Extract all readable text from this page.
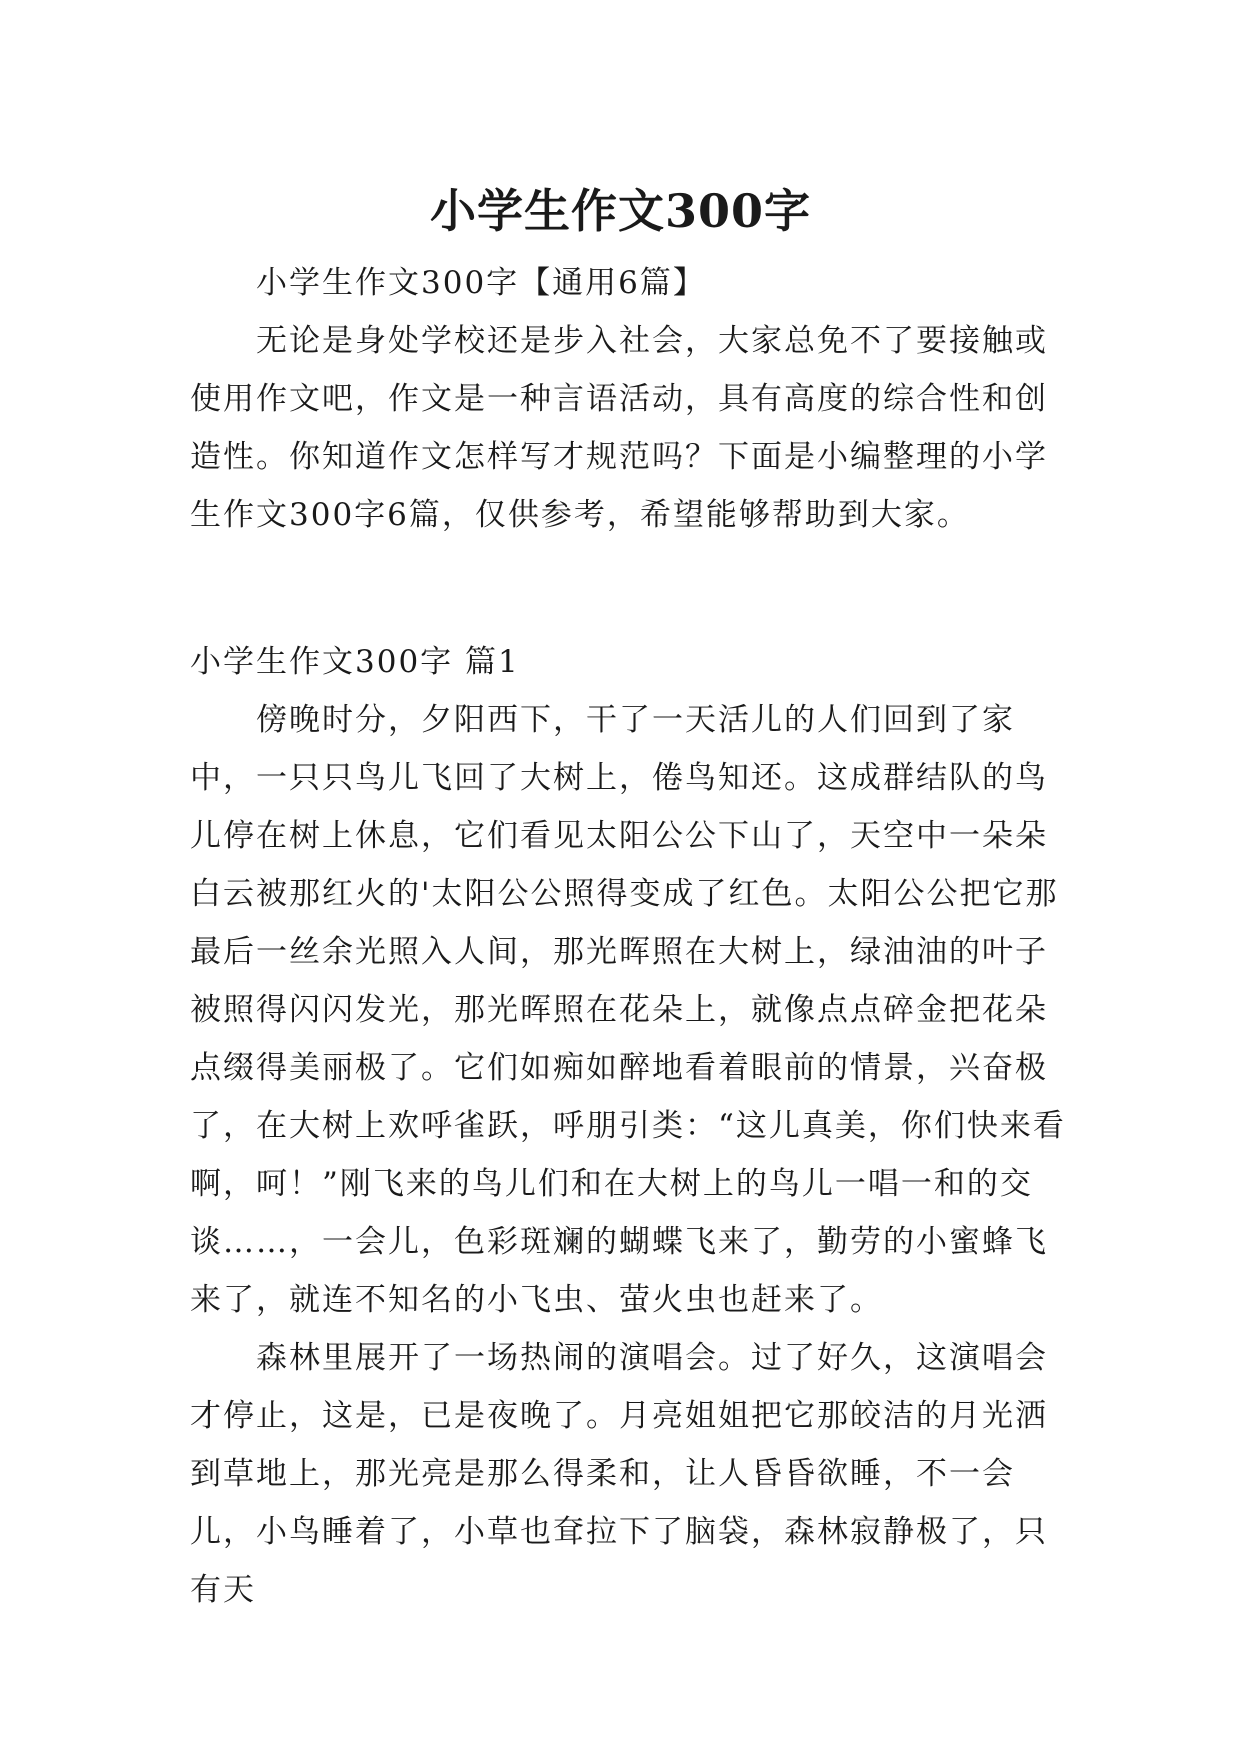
小学生作文300字

小学生作文300字【通用6篇】

无论是身处学校还是步入社会，大家总免不了要接触或使用作文吧，作文是一种言语活动，具有高度的综合性和创造性。你知道作文怎样写才规范吗？下面是小编整理的小学生作文300字6篇，仅供参考，希望能够帮助到大家。

小学生作文300字 篇1

傍晚时分，夕阳西下，干了一天活儿的人们回到了家中，一只只鸟儿飞回了大树上，倦鸟知还。这成群结队的鸟儿停在树上休息，它们看见太阳公公下山了，天空中一朵朵白云被那红火的'太阳公公照得变成了红色。太阳公公把它那最后一丝余光照入人间，那光晖照在大树上，绿油油的叶子被照得闪闪发光，那光晖照在花朵上，就像点点碎金把花朵点缀得美丽极了。它们如痴如醉地看着眼前的情景，兴奋极了，在大树上欢呼雀跃，呼朋引类：“这儿真美，你们快来看啊，呵！”刚飞来的鸟儿们和在大树上的鸟儿一唱一和的交谈……，一会儿，色彩斑斓的蝴蝶飞来了，勤劳的小蜜蜂飞来了，就连不知名的小飞虫、萤火虫也赶来了。

森林里展开了一场热闹的演唱会。过了好久，这演唱会才停止，这是，已是夜晚了。月亮姐姐把它那皎洁的月光洒到草地上，那光亮是那么得柔和，让人昏昏欲睡，不一会儿，小鸟睡着了，小草也耷拉下了脑袋，森林寂静极了，只有天
